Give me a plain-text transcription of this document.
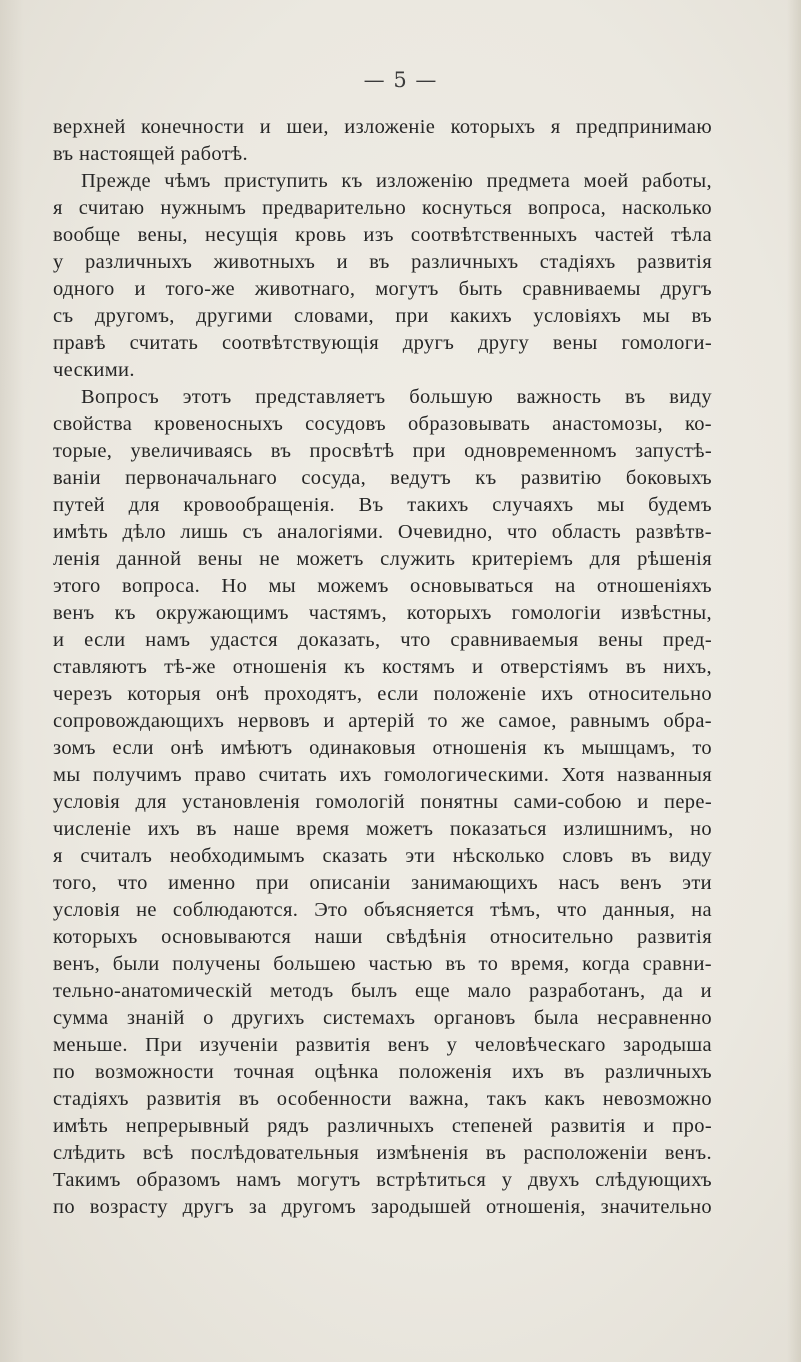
— 5 —
верхней конечности и шеи, изложеніе которыхъ я предпринимаю
въ настоящей работѣ.
Прежде чѣмъ приступить къ изложенію предмета моей работы,
я считаю нужнымъ предварительно коснуться вопроса, насколько
вообще вены, несущія кровь изъ соотвѣтственныхъ частей тѣла
у различныхъ животныхъ и въ различныхъ стадіяхъ развитія
одного и того-же животнаго, могутъ быть сравниваемы другъ
съ другомъ, другими словами, при какихъ условіяхъ мы въ
правѣ считать соотвѣтствующія другъ другу вены гомологи-
ческими.
Вопросъ этотъ представляетъ большую важность въ виду
свойства кровеносныхъ сосудовъ образовывать анастомозы, ко-
торые, увеличиваясь въ просвѣтѣ при одновременномъ запустѣ-
ваніи первоначальнаго сосуда, ведутъ къ развитію боковыхъ
путей для кровообращенія. Въ такихъ случаяхъ мы будемъ
имѣть дѣло лишь съ аналогіями. Очевидно, что область развѣтв-
ленія данной вены не можетъ служить критеріемъ для рѣшенія
этого вопроса. Но мы можемъ основываться на отношеніяхъ
венъ къ окружающимъ частямъ, которыхъ гомологіи извѣстны,
и если намъ удастся доказать, что сравниваемыя вены пред-
ставляютъ тѣ-же отношенія къ костямъ и отверстіямъ въ нихъ,
черезъ которыя онѣ проходятъ, если положеніе ихъ относительно
сопровождающихъ нервовъ и артерій то же самое, равнымъ обра-
зомъ если онѣ имѣютъ одинаковыя отношенія къ мышцамъ, то
мы получимъ право считать ихъ гомологическими. Хотя названныя
условія для установленія гомологій понятны сами-собою и пере-
численіе ихъ въ наше время можетъ показаться излишнимъ, но
я считалъ необходимымъ сказать эти нѣсколько словъ въ виду
того, что именно при описаніи занимающихъ насъ венъ эти
условія не соблюдаются. Это объясняется тѣмъ, что данныя, на
которыхъ основываются наши свѣдѣнія относительно развитія
венъ, были получены большею частью въ то время, когда сравни-
тельно-анатомическій методъ былъ еще мало разработанъ, да и
сумма знаній о другихъ системахъ органовъ была несравненно
меньше. При изученіи развитія венъ у человѣческаго зародыша
по возможности точная оцѣнка положенія ихъ въ различныхъ
стадіяхъ развитія въ особенности важна, такъ какъ невозможно
имѣть непрерывный рядъ различныхъ степеней развитія и про-
слѣдить всѣ послѣдовательныя измѣненія въ расположеніи венъ.
Такимъ образомъ намъ могутъ встрѣтиться у двухъ слѣдующихъ
по возрасту другъ за другомъ зародышей отношенія, значительно
